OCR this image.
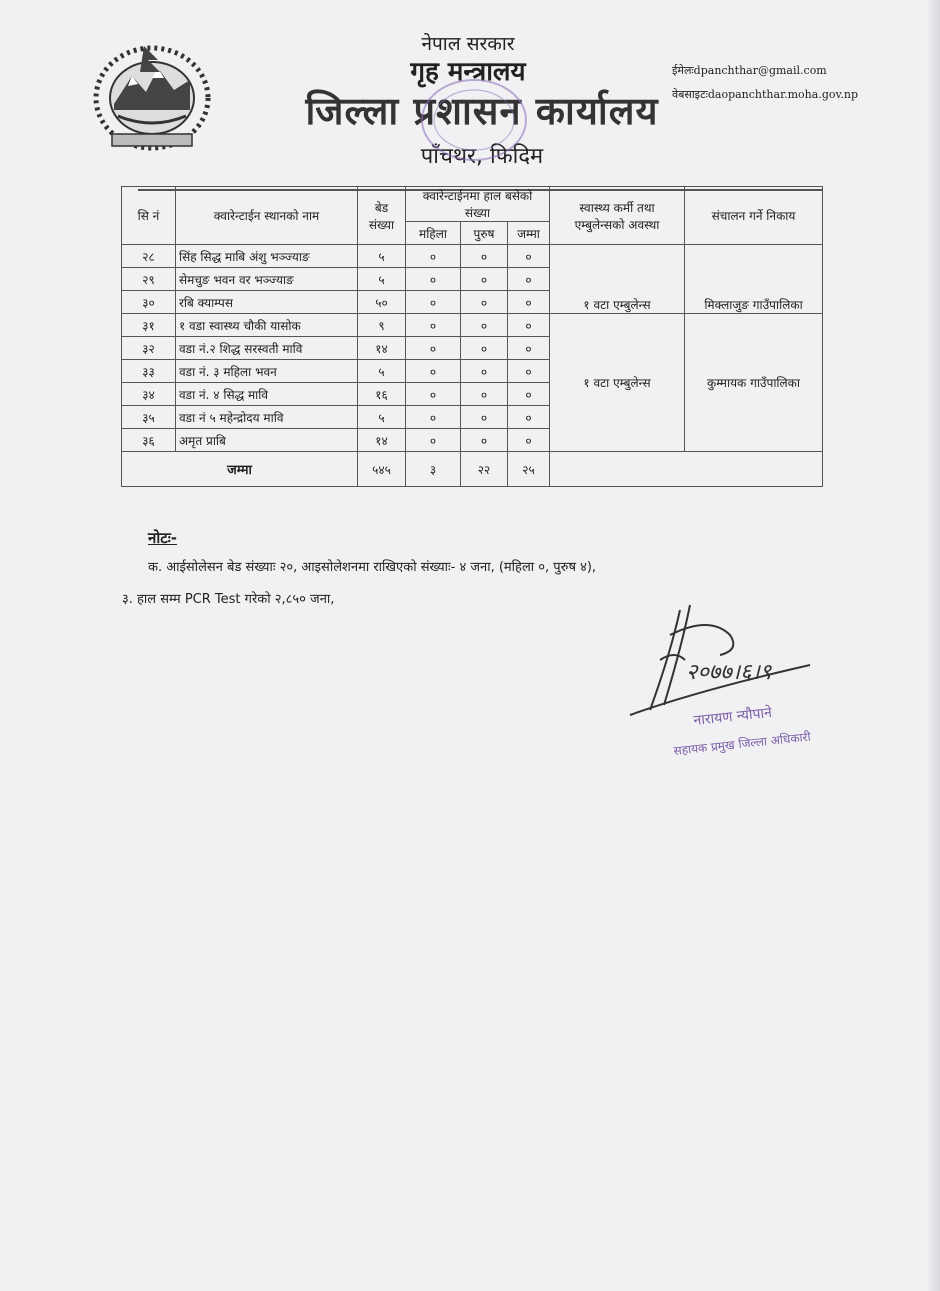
नेपाल सरकार
गृह मन्त्रालय
जिल्ला प्रशासन कार्यालय
पाँचथर, फिदिम
ईमेलःdpanchthar@gmail.com
वेबसाइटःdaopanchthar.moha.gov.np
सि नं	क्वारेन्टाईन स्थानको नाम	बेड संख्या	क्वारेन्टाईनमा हाल बसेको संख्या			स्वास्थ्य कर्मी तथा एम्बुलेन्सको अवस्था	संचालन गर्ने निकाय
			महिला	पुरुष	जम्मा		
२८	सिंह सिद्ध माबि अंशु भञ्ज्याङ	५	०	०	०	१ वटा एम्बुलेन्स	मिक्लाजुङ गाउँपालिका
२९	सेमचुङ भवन वर भञ्ज्याङ	५	०	०	०		
३०	रबि क्याम्पस	५०	०	०	०		
३१	१ वडा स्वास्थ्य चौकी यासोक	९	०	०	०	१ वटा एम्बुलेन्स	कुम्मायक गाउँपालिका
३२	वडा नं.२ शिद्ध सरस्वती मावि	१४	०	०	०		
३३	वडा नं. ३ महिला भवन	५	०	०	०		
३४	वडा नं. ४ सिद्ध मावि	१६	०	०	०		
३५	वडा नं ५ महेन्द्रोदय मावि	५	०	०	०		
३६	अमृत प्राबि	१४	०	०	०		
जम्मा		५४५	३	२२	२५		
नोटः-
क. आईसोलेसन बेड संख्याः २०, आइसोलेशनमा राखिएको संख्याः- ४ जना, (महिला ०, पुरुष ४),
३. हाल सम्म PCR Test गरेको २,८५० जना,
२०७७।६।९
नारायण न्यौपाने
सहायक प्रमुख जिल्ला अधिकारी
